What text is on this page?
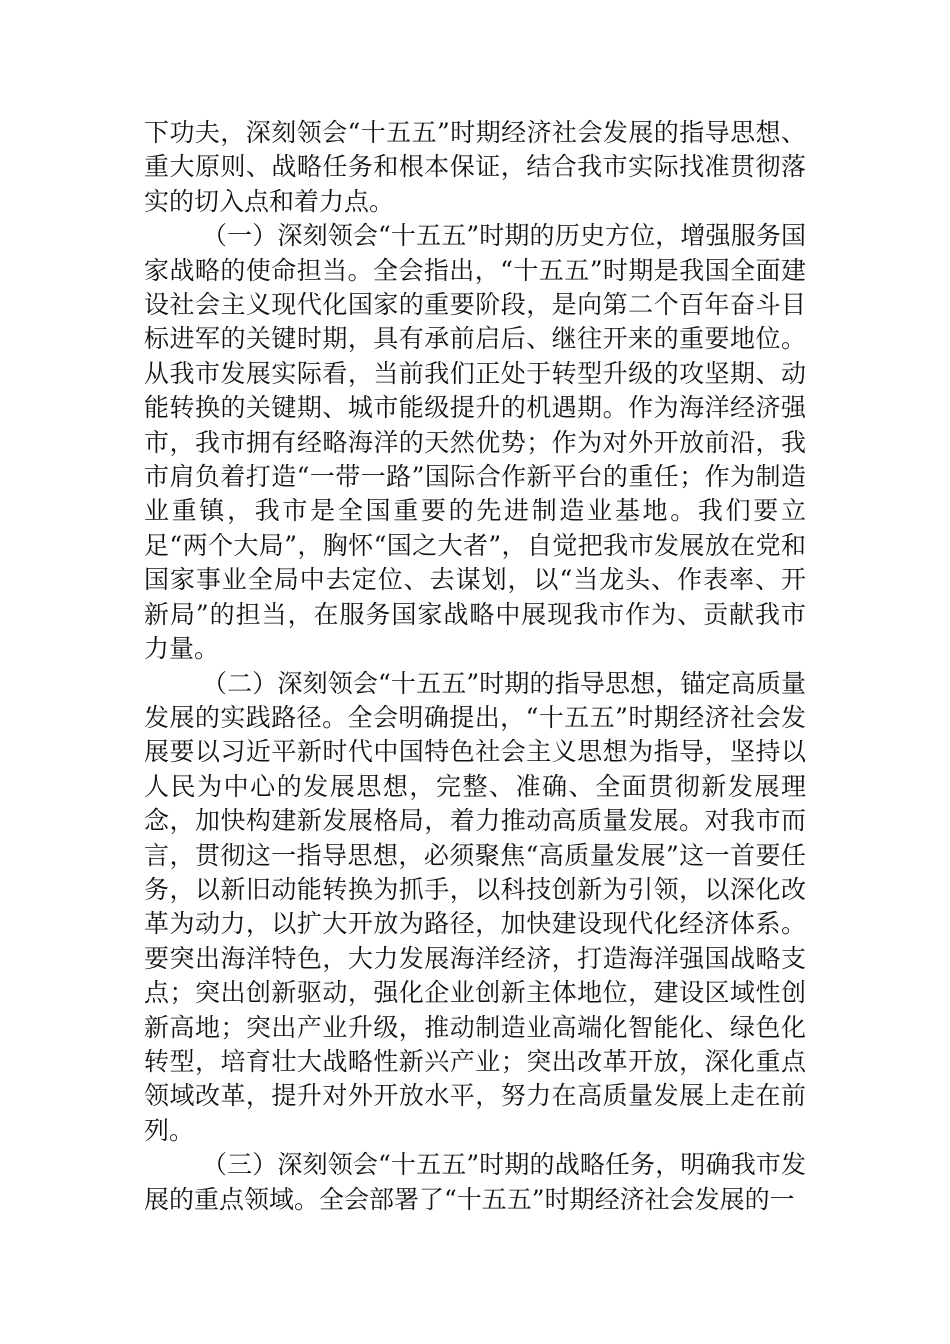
下功夫，深刻领会“十五五”时期经济社会发展的指导思想、重大原则、战略任务和根本保证，结合我市实际找准贯彻落实的切入点和着力点。

（一）深刻领会“十五五”时期的历史方位，增强服务国家战略的使命担当。全会指出，“十五五”时期是我国全面建设社会主义现代化国家的重要阶段，是向第二个百年奋斗目标进军的关键时期，具有承前启后、继往开来的重要地位。从我市发展实际看，当前我们正处于转型升级的攻坚期、动能转换的关键期、城市能级提升的机遇期。作为海洋经济强市，我市拥有经略海洋的天然优势；作为对外开放前沿，我市肩负着打造“一带一路”国际合作新平台的重任；作为制造业重镇，我市是全国重要的先进制造业基地。我们要立足“两个大局”，胸怀“国之大者”，自觉把我市发展放在党和国家事业全局中去定位、去谋划，以“当龙头、作表率、开新局”的担当，在服务国家战略中展现我市作为、贡献我市力量。

（二）深刻领会“十五五”时期的指导思想，锚定高质量发展的实践路径。全会明确提出，“十五五”时期经济社会发展要以习近平新时代中国特色社会主义思想为指导，坚持以人民为中心的发展思想，完整、准确、全面贯彻新发展理念，加快构建新发展格局，着力推动高质量发展。对我市而言，贯彻这一指导思想，必须聚焦“高质量发展”这一首要任务，以新旧动能转换为抓手，以科技创新为引领，以深化改革为动力，以扩大开放为路径，加快建设现代化经济体系。要突出海洋特色，大力发展海洋经济，打造海洋强国战略支点；突出创新驱动，强化企业创新主体地位，建设区域性创新高地；突出产业升级，推动制造业高端化智能化、绿色化转型，培育壮大战略性新兴产业；突出改革开放，深化重点领域改革，提升对外开放水平，努力在高质量发展上走在前列。

（三）深刻领会“十五五”时期的战略任务，明确我市发展的重点领域。全会部署了“十五五”时期经济社会发展的一
